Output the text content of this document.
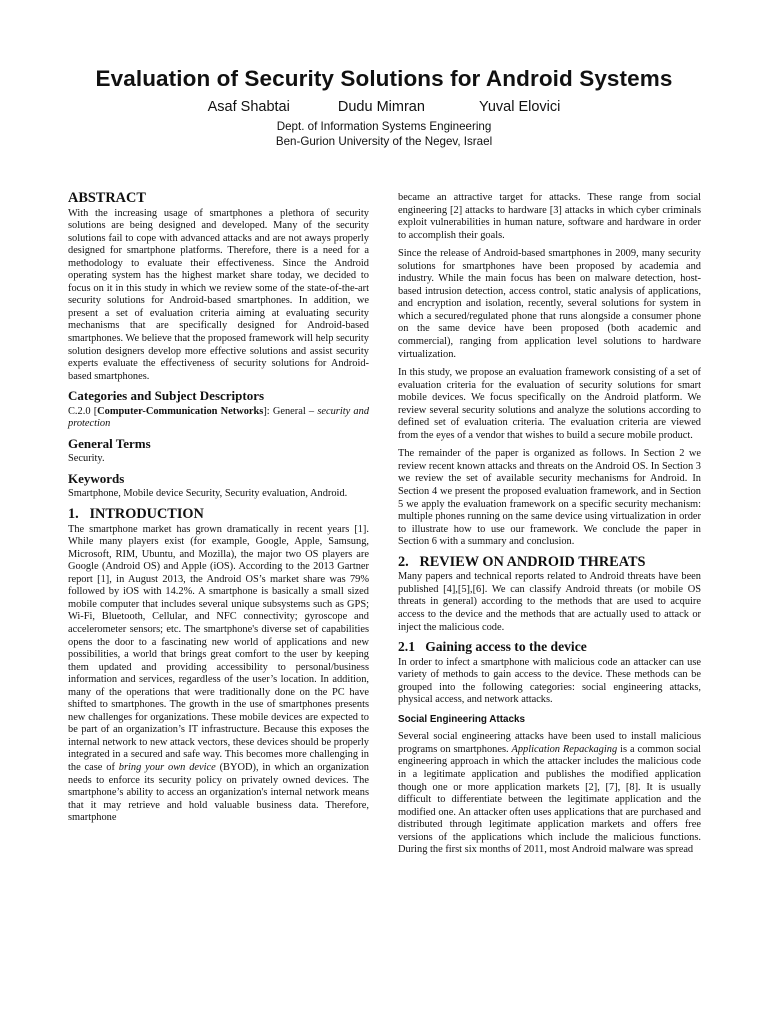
Evaluation of Security Solutions for Android Systems
Asaf Shabtai	Dudu Mimran	Yuval Elovici
Dept. of Information Systems Engineering
Ben-Gurion University of the Negev, Israel
ABSTRACT

With the increasing usage of smartphones a plethora of security solutions are being designed and developed. Many of the security solutions fail to cope with advanced attacks and are not aways properly designed for smartphone platforms. Therefore, there is a need for a methodology to evaluate their effectiveness. Since the Android operating system has the highest market share today, we decided to focus on it in this study in which we review some of the state-of-the-art security solutions for Android-based smartphones. In addition, we present a set of evaluation criteria aiming at evaluating security mechanisms that are specifically designed for Android-based smartphones. We believe that the proposed framework will help security solution designers develop more effective solutions and assist security experts evaluate the effectiveness of security solutions for Android-based smartphones.

Categories and Subject Descriptors

C.2.0 [Computer-Communication Networks]: General – security and protection

General Terms

Security.

Keywords

Smartphone, Mobile device Security, Security evaluation, Android.

1.   INTRODUCTION

The smartphone market has grown dramatically in recent years [1]. While many players exist (for example, Google, Apple, Samsung, Microsoft, RIM, Ubuntu, and Mozilla), the major two OS players are Google (Android OS) and Apple (iOS). According to the 2013 Gartner report [1], in August 2013, the Android OS’s market share was 79% followed by iOS with 14.2%. A smartphone is basically a small sized mobile computer that includes several unique subsystems such as GPS; Wi-Fi, Bluetooth, Cellular, and NFC connectivity; gyroscope and accelerometer sensors; etc. The smartphone's diverse set of capabilities opens the door to a fascinating new world of applications and new possibilities, a world that brings great comfort to the user by keeping them updated and providing accessibility to personal/business information and services, regardless of the user’s location. In addition, many of the operations that were traditionally done on the PC have shifted to smartphones. The growth in the use of smartphones presents new challenges for organizations. These mobile devices are expected to be part of an organization’s IT infrastructure. Because this exposes the internal network to new attack vectors, these devices should be properly integrated in a secured and safe way. This becomes more challenging in the case of bring your own device (BYOD), in which an organization needs to enforce its security policy on privately owned devices. The smartphone’s ability to access an organization's internal network means that it may retrieve and hold valuable business data. Therefore, smartphone

became an attractive target for attacks. These range from social engineering [2] attacks to hardware [3] attacks in which cyber criminals exploit vulnerabilities in human nature, software and hardware in order to accomplish their goals.

Since the release of Android-based smartphones in 2009, many security solutions for smartphones have been proposed by academia and industry. While the main focus has been on malware detection, host-based intrusion detection, access control, static analysis of applications, and encryption and isolation, recently, several solutions for system in which a secured/regulated phone that runs alongside a consumer phone on the same device have been proposed (both academic and commercial), ranging from application level solutions to hardware virtualization.

In this study, we propose an evaluation framework consisting of a set of evaluation criteria for the evaluation of security solutions for smart mobile devices. We focus specifically on the Android platform. We review several security solutions and analyze the solutions according to defined set of evaluation criteria. The evaluation criteria are viewed from the eyes of a vendor that wishes to build a secure mobile product.

The remainder of the paper is organized as follows. In Section 2 we review recent known attacks and threats on the Android OS. In Section 3 we review the set of available security mechanisms for Android. In Section 4 we present the proposed evaluation framework, and in Section 5 we apply the evaluation framework on a specific security mechanism: multiple phones running on the same device using virtualization in order to illustrate how to use our framework. We conclude the paper in Section 6 with a summary and conclusion.

2.   REVIEW ON ANDROID THREATS

Many papers and technical reports related to Android threats have been published [4],[5],[6]. We can classify Android threats (or mobile OS threats in general) according to the methods that are used to acquire access to the device and the methods that are actually used to attack or inject the malicious code.

2.1   Gaining access to the device

In order to infect a smartphone with malicious code an attacker can use variety of methods to gain access to the device. These methods can be grouped into the following categories: social engineering attacks, physical access, and network attacks.

Social Engineering Attacks

Several social engineering attacks have been used to install malicious programs on smartphones. Application Repackaging is a common social engineering approach in which the attacker includes the malicious code in a legitimate application and publishes the modified application though one or more application markets [2], [7], [8]. It is usually difficult to differentiate between the legitimate application and the modified one. An attacker often uses applications that are purchased and distributed through legitimate application markets and offers free versions of the applications which include the malicious functions. During the first six months of 2011, most Android malware was spread
